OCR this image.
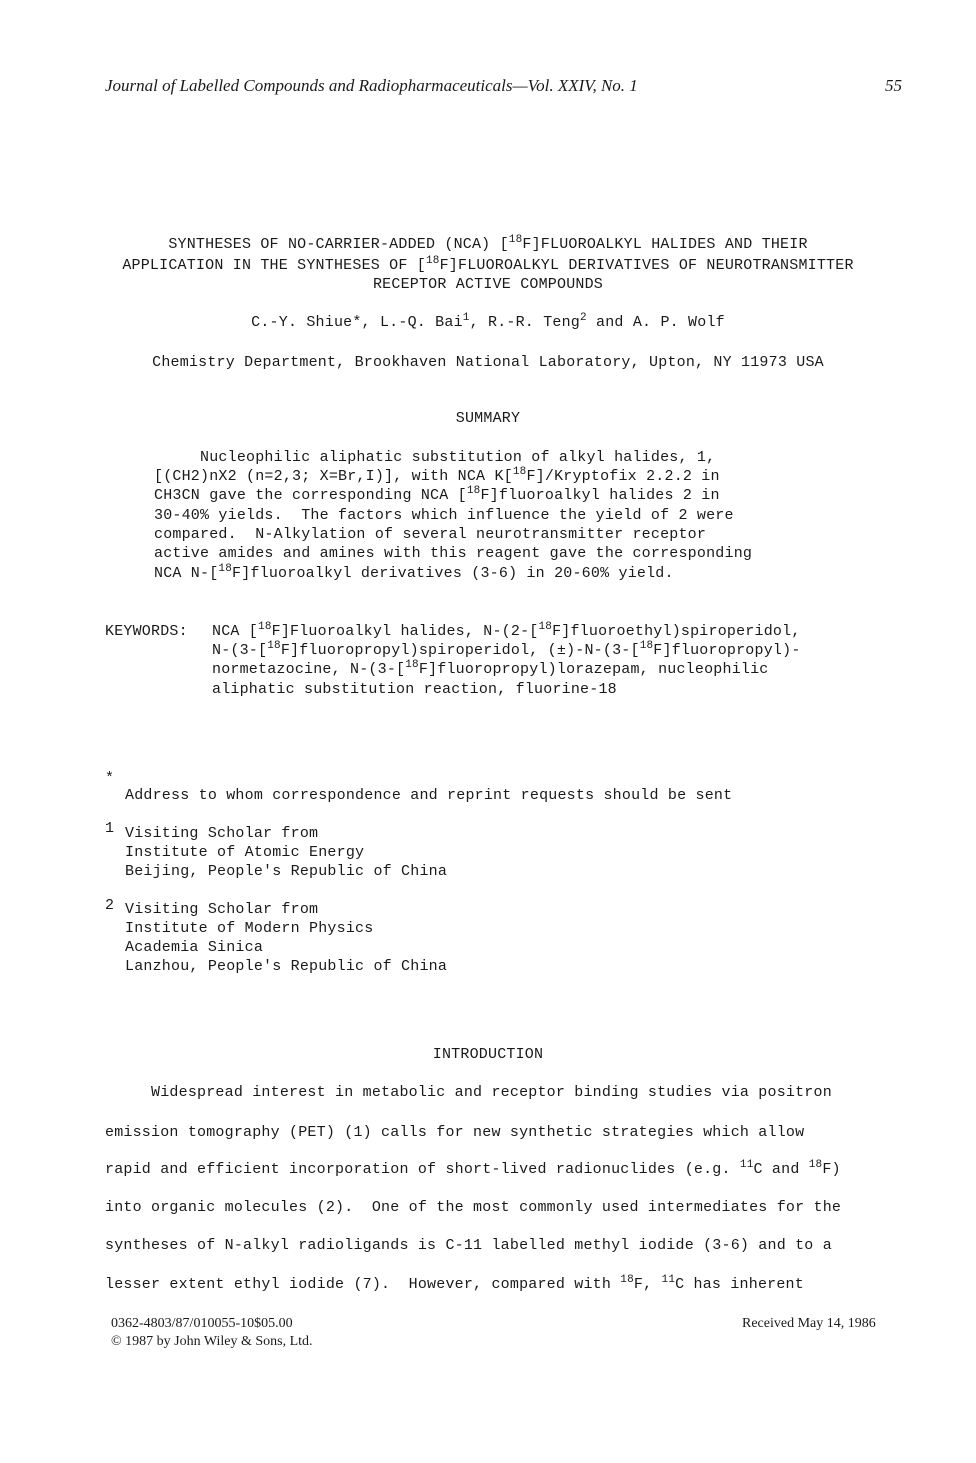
Journal of Labelled Compounds and Radiopharmaceuticals—Vol. XXIV, No. 1	55
SYNTHESES OF NO-CARRIER-ADDED (NCA) [$^{18}$F]FLUOROALKYL HALIDES AND THEIR
APPLICATION IN THE SYNTHESES OF [$^{18}$F]FLUOROALKYL DERIVATIVES OF NEUROTRANSMITTER
RECEPTOR ACTIVE COMPOUNDS
C.-Y. Shiue*, L.-Q. Bai$^1$, R.-R. Teng$^2$ and A. P. Wolf
Chemistry Department, Brookhaven National Laboratory, Upton, NY 11973 USA
SUMMARY
Nucleophilic aliphatic substitution of alkyl halides, 1,
[(CH2)nX2 (n=2,3; X=Br,I)], with NCA K[$^{18}$F]/Kryptofix 2.2.2 in
CH3CN gave the corresponding NCA [$^{18}$F]fluoroalkyl halides 2 in
30-40% yields.  The factors which influence the yield of 2 were
compared.  N-Alkylation of several neurotransmitter receptor
active amides and amines with this reagent gave the corresponding
NCA N-[$^{18}$F]fluoroalkyl derivatives (3-6) in 20-60% yield.
KEYWORDS: NCA [$^{18}$F]Fluoroalkyl halides, N-(2-[$^{18}$F]fluoroethyl)spiroperidol,
N-(3-[$^{18}$F]fluoropropyl)spiroperidol, (±)-N-(3-[$^{18}$F]fluoropropyl)-
normetazocine, N-(3-[$^{18}$F]fluoropropyl)lorazepam, nucleophilic
aliphatic substitution reaction, fluorine-18
*
Address to whom correspondence and reprint requests should be sent
1 Visiting Scholar from
Institute of Atomic Energy
Beijing, People's Republic of China
2 Visiting Scholar from
Institute of Modern Physics
Academia Sinica
Lanzhou, People's Republic of China
INTRODUCTION
Widespread interest in metabolic and receptor binding studies via positron
emission tomography (PET) (1) calls for new synthetic strategies which allow
rapid and efficient incorporation of short-lived radionuclides (e.g. $^{11}$C and $^{18}$F)
into organic molecules (2).  One of the most commonly used intermediates for the
syntheses of N-alkyl radioligands is C-11 labelled methyl iodide (3-6) and to a
lesser extent ethyl iodide (7).  However, compared with $^{18}$F, $^{11}$C has inherent
0362-4803/87/010055-10$05.00
© 1987 by John Wiley & Sons, Ltd.
Received May 14, 1986
